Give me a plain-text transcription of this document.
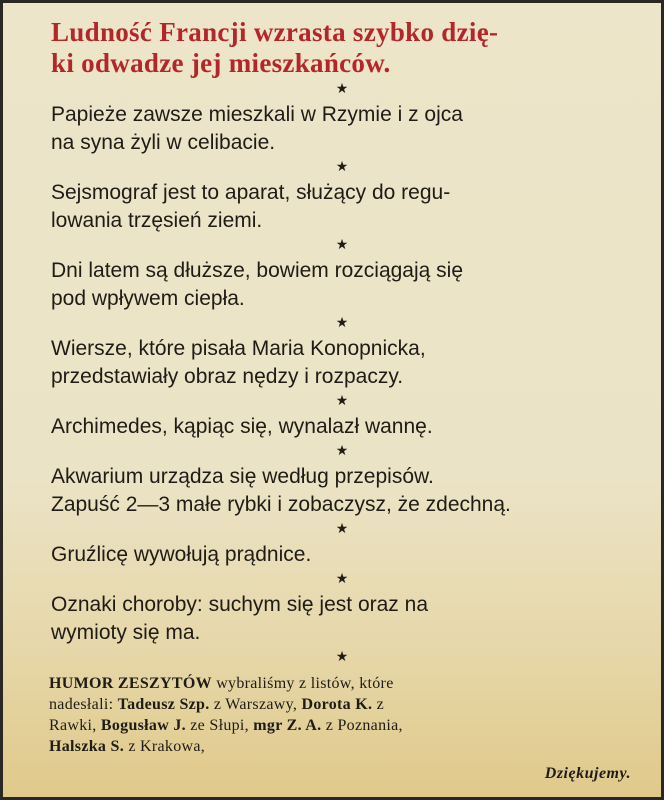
Ludność Francji wzrasta szybko dzię-
ki odwadze jej mieszkańców.
★
Papieże zawsze mieszkali w Rzymie i z ojca
na syna żyli w celibacie.
★
Sejsmograf jest to aparat, służący do regu-
lowania trzęsień ziemi.
★
Dni latem są dłuższe, bowiem rozciągają się
pod wpływem ciepła.
★
Wiersze, które pisała Maria Konopnicka,
przedstawiały obraz nędzy i rozpaczy.
★
Archimedes, kąpiąc się, wynalazł wannę.
★
Akwarium urządza się według przepisów.
Zapuść 2—3 małe rybki i zobaczysz, że zdechną.
★
Gruźlicę wywołują prądnice.
★
Oznaki choroby: suchym się jest oraz na
wymioty się ma.
★
HUMOR ZESZYTÓW wybraliśmy z listów, które
nadesłali: Tadeusz Szp. z Warszawy, Dorota K. z
Rawki, Bogusław J. ze Słupi, mgr Z. A. z Poznania,
Halszka S. z Krakowa,
Dziękujemy.
